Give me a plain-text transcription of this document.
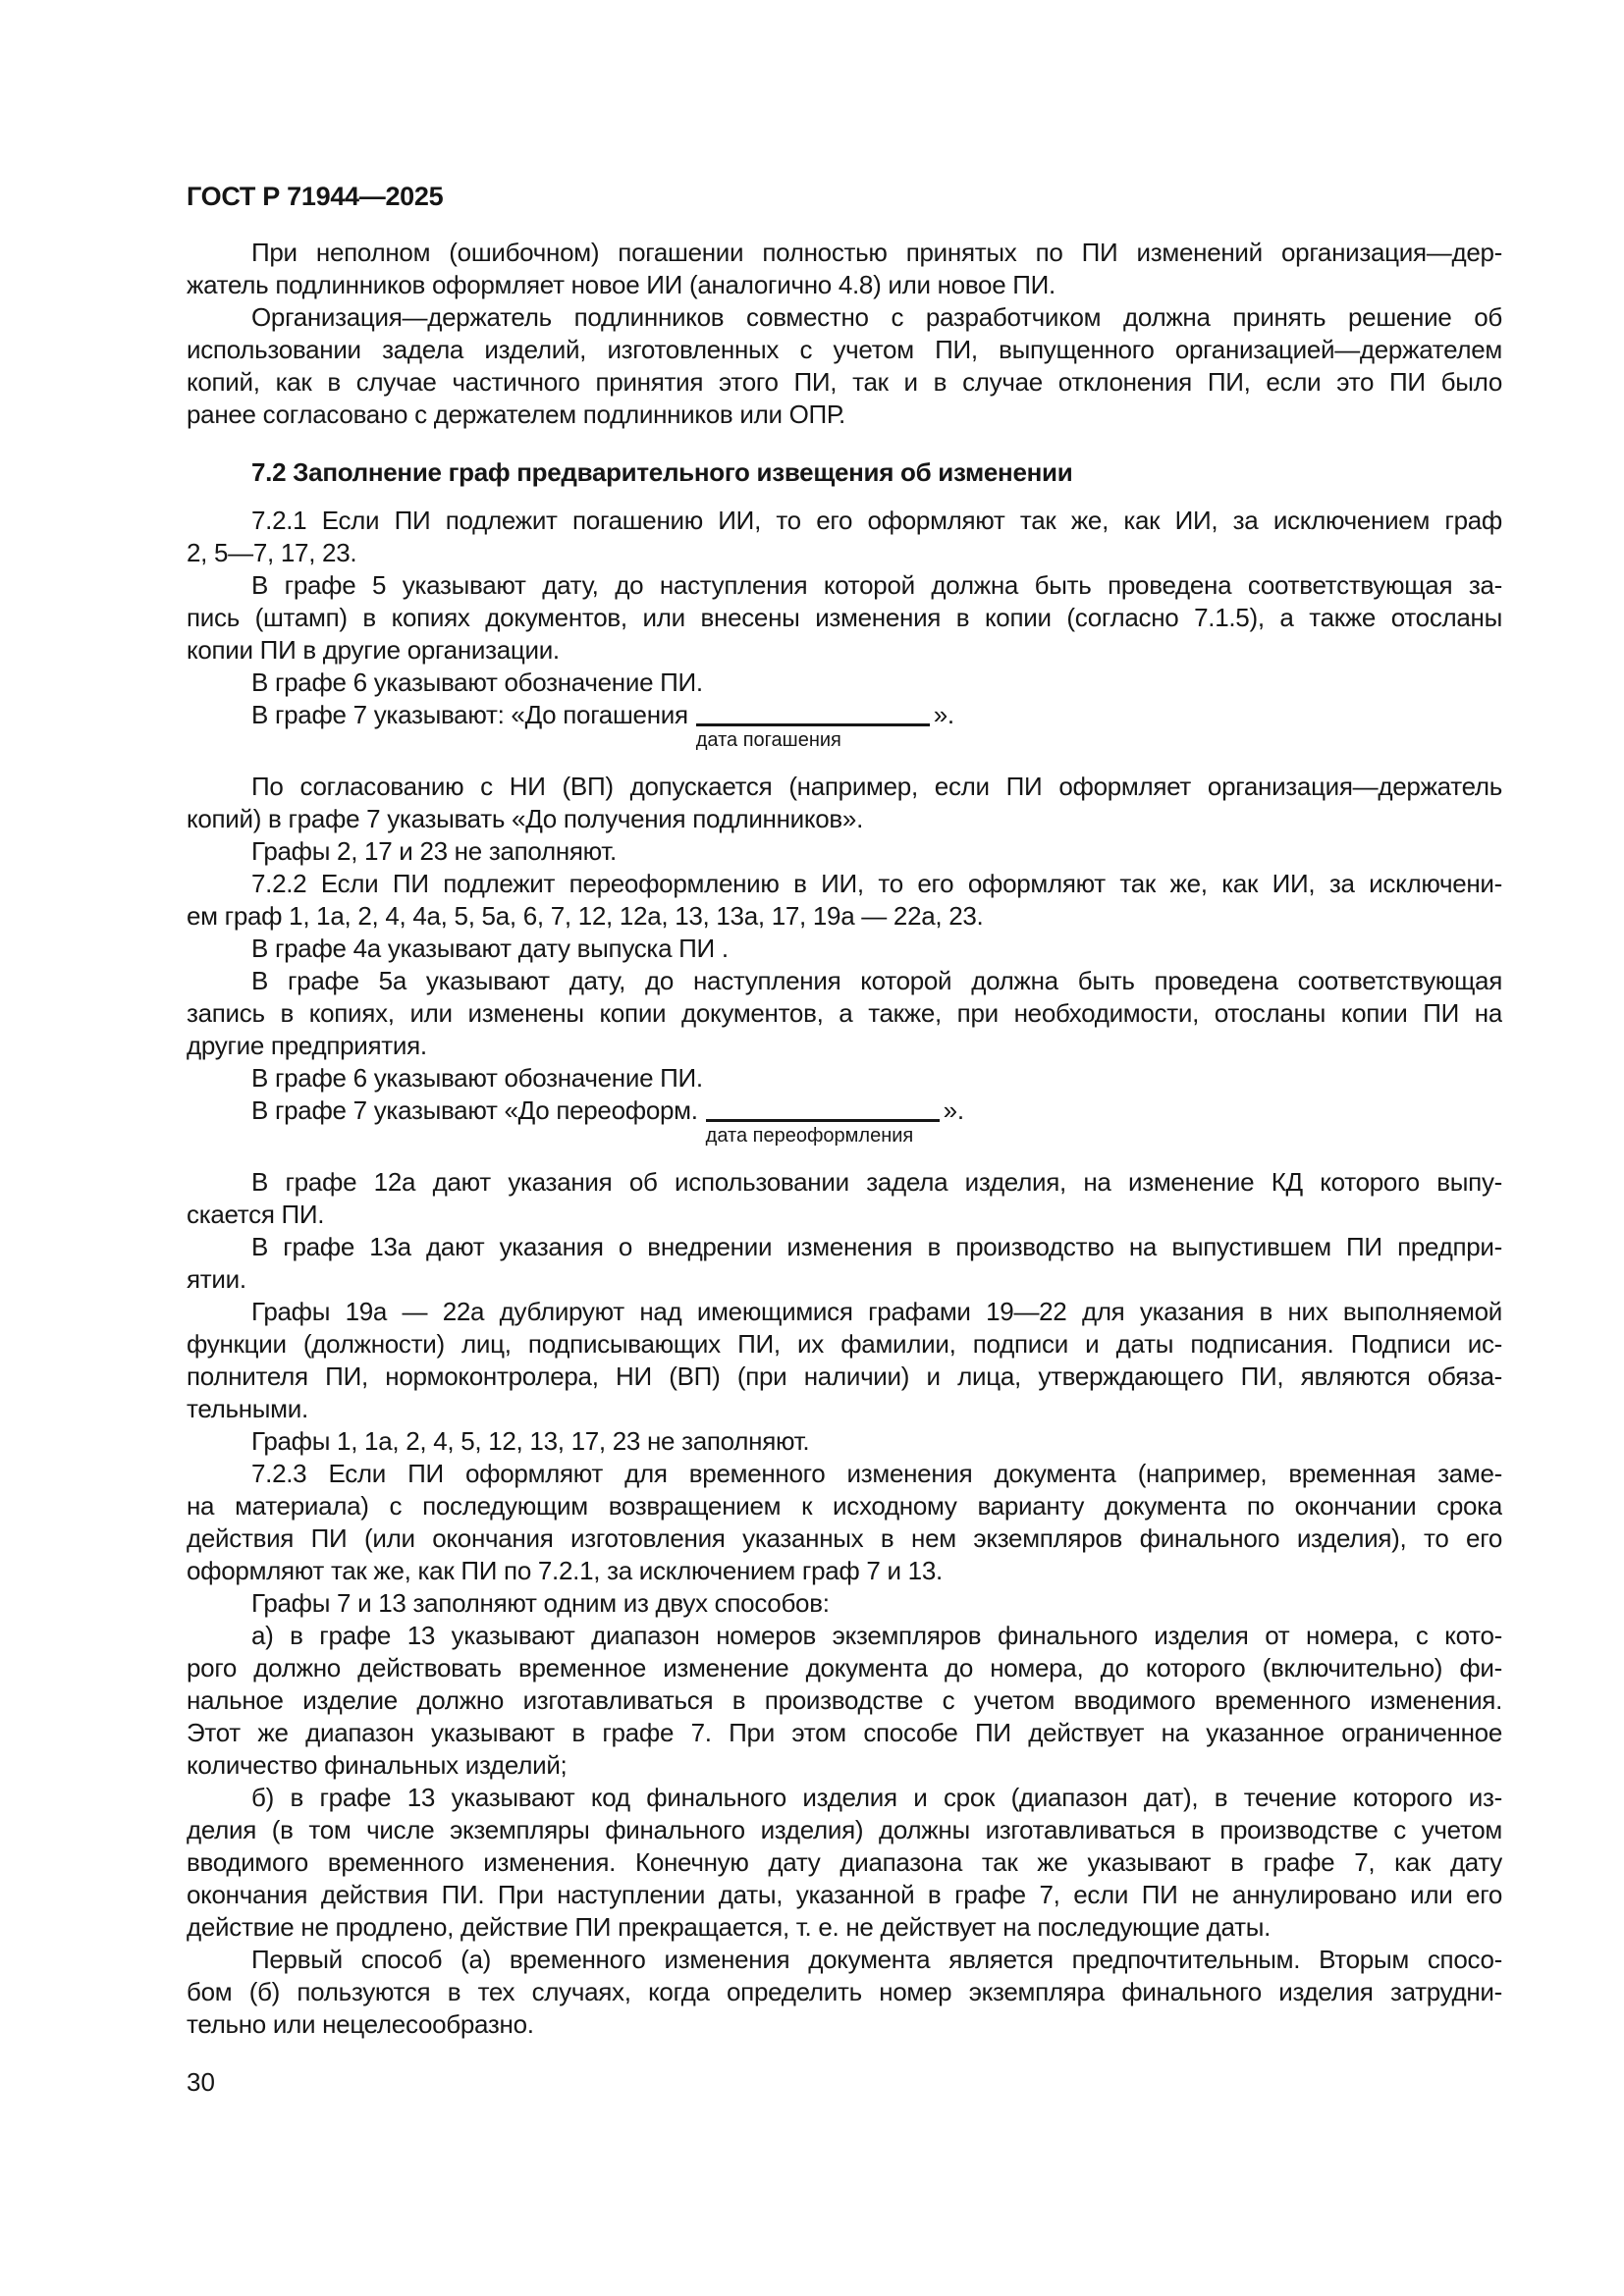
ГОСТ Р 71944—2025
При неполном (ошибочном) погашении полностью принятых по ПИ изменений организация—дер-
жатель подлинников оформляет новое ИИ (аналогично 4.8) или новое ПИ.
Организация—держатель подлинников совместно с разработчиком должна принять решение об
использовании задела изделий, изготовленных с учетом ПИ, выпущенного организацией—держателем
копий, как в случае частичного принятия этого ПИ, так и в случае отклонения ПИ, если это ПИ было
ранее согласовано с держателем подлинников или ОПР.
7.2 Заполнение граф предварительного извещения об изменении
7.2.1 Если ПИ подлежит погашению ИИ, то его оформляют так же, как ИИ, за исключением граф
2, 5—7, 17, 23.
В графе 5 указывают дату, до наступления которой должна быть проведена соответствующая за-
пись (штамп) в копиях документов, или внесены изменения в копии (согласно 7.1.5), а также отосланы
копии ПИ в другие организации.
В графе 6 указывают обозначение ПИ.
В графе 7 указывают: «До погашения
дата погашения
».
По согласованию с НИ (ВП) допускается (например, если ПИ оформляет организация—держатель
копий) в графе 7 указывать «До получения подлинников».
Графы 2, 17 и 23 не заполняют.
7.2.2 Если ПИ подлежит переоформлению в ИИ, то его оформляют так же, как ИИ, за исключени-
ем граф 1, 1а, 2, 4, 4а, 5, 5а, 6, 7, 12, 12а, 13, 13а, 17, 19а — 22а, 23.
В графе 4а указывают дату выпуска ПИ .
В графе 5а указывают дату, до наступления которой должна быть проведена соответствующая
запись в копиях, или изменены копии документов, а также, при необходимости, отосланы копии ПИ на
другие предприятия.
В графе 6 указывают обозначение ПИ.
В графе 7 указывают «До переоформ.
дата переоформления
».
В графе 12а дают указания об использовании задела изделия, на изменение КД которого выпу-
скается ПИ.
В графе 13а дают указания о внедрении изменения в производство на выпустившем ПИ предпри-
ятии.
Графы 19а — 22а дублируют над имеющимися графами 19—22 для указания в них выполняемой
функции (должности) лиц, подписывающих ПИ, их фамилии, подписи и даты подписания. Подписи ис-
полнителя ПИ, нормоконтролера, НИ (ВП) (при наличии) и лица, утверждающего ПИ, являются обяза-
тельными.
Графы 1, 1а, 2, 4, 5, 12, 13, 17, 23 не заполняют.
7.2.3 Если ПИ оформляют для временного изменения документа (например, временная заме-
на материала) с последующим возвращением к исходному варианту документа по окончании срока
действия ПИ (или окончания изготовления указанных в нем экземпляров финального изделия), то его
оформляют так же, как ПИ по 7.2.1, за исключением граф 7 и 13.
Графы 7 и 13 заполняют одним из двух способов:
а) в графе 13 указывают диапазон номеров экземпляров финального изделия от номера, с кото-
рого должно действовать временное изменение документа до номера, до которого (включительно) фи-
нальное изделие должно изготавливаться в производстве с учетом вводимого временного изменения.
Этот же диапазон указывают в графе 7. При этом способе ПИ действует на указанное ограниченное
количество финальных изделий;
б) в графе 13 указывают код финального изделия и срок (диапазон дат), в течение которого из-
делия (в том числе экземпляры финального изделия) должны изготавливаться в производстве с учетом
вводимого временного изменения. Конечную дату диапазона так же указывают в графе 7, как дату
окончания действия ПИ. При наступлении даты, указанной в графе 7, если ПИ не аннулировано или его
действие не продлено, действие ПИ прекращается, т. е. не действует на последующие даты.
Первый способ (а) временного изменения документа является предпочтительным. Вторым спосо-
бом (б) пользуются в тех случаях, когда определить номер экземпляра финального изделия затрудни-
тельно или нецелесообразно.
30
